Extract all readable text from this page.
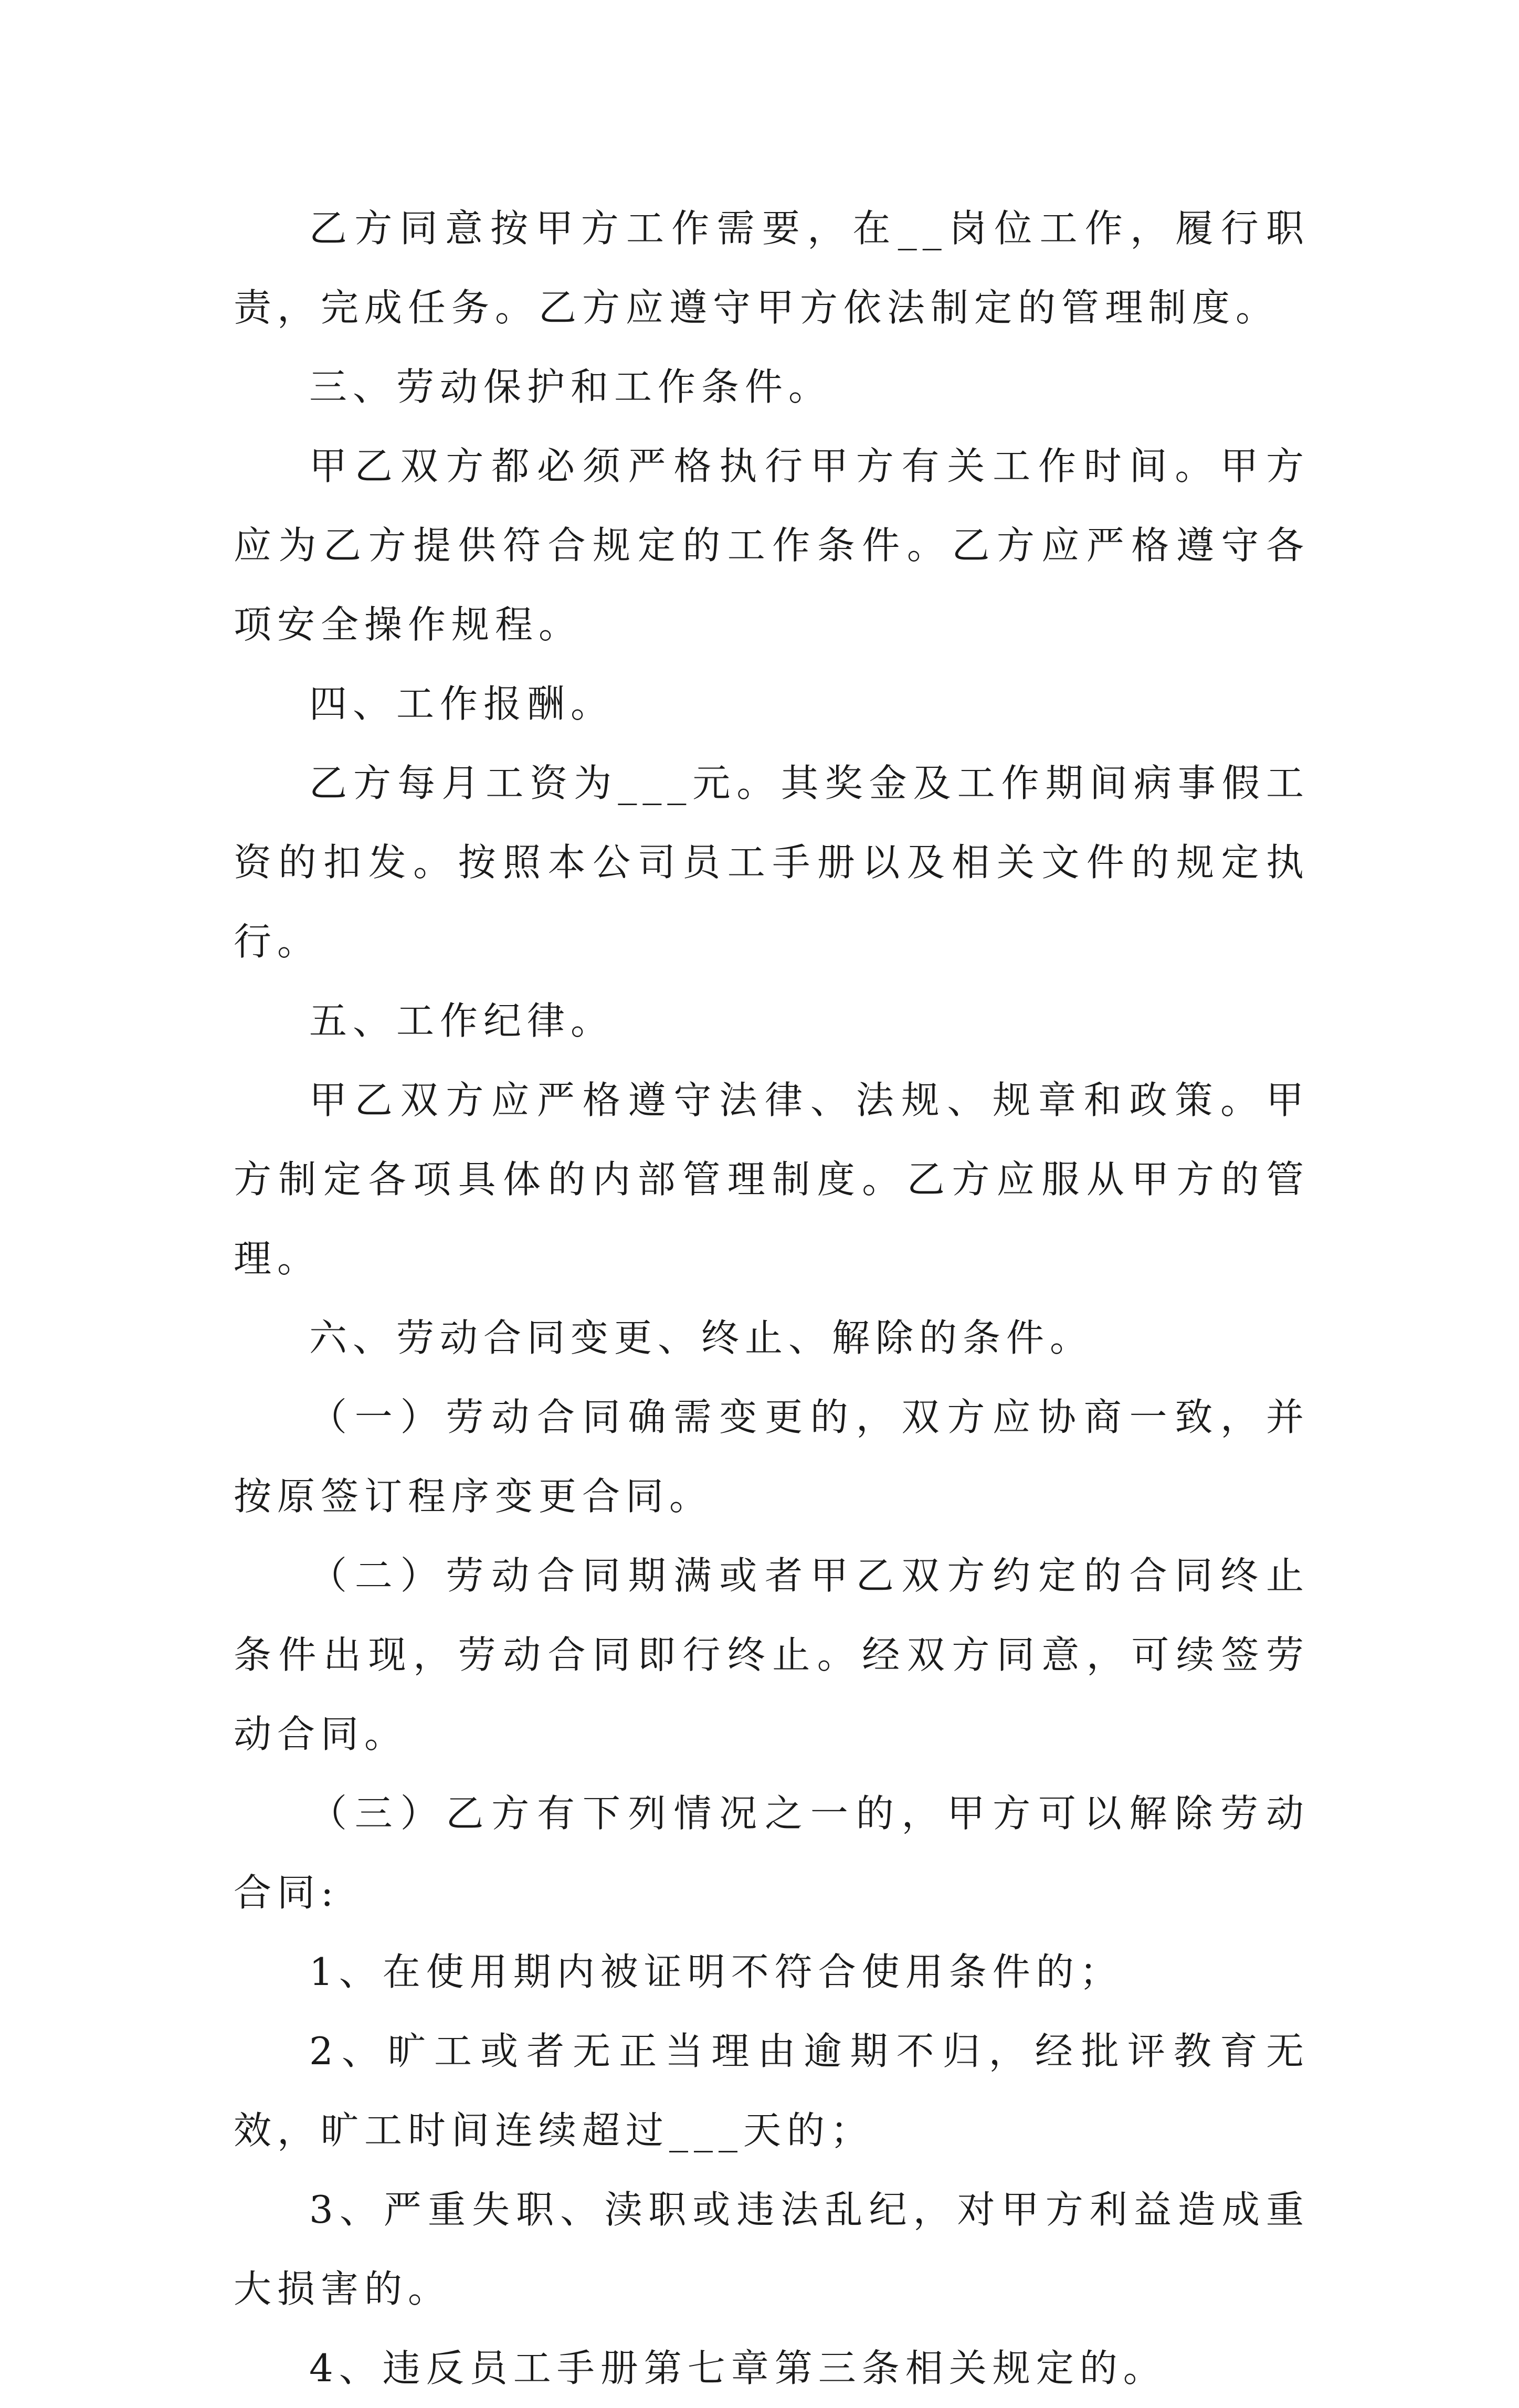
乙方同意按甲方工作需要，在__岗位工作，履行职责，完成任务。乙方应遵守甲方依法制定的管理制度。

三、劳动保护和工作条件。

甲乙双方都必须严格执行甲方有关工作时间。甲方应为乙方提供符合规定的工作条件。乙方应严格遵守各项安全操作规程。

四、工作报酬。

乙方每月工资为___元。其奖金及工作期间病事假工资的扣发。按照本公司员工手册以及相关文件的规定执行。

五、工作纪律。

甲乙双方应严格遵守法律、法规、规章和政策。甲方制定各项具体的内部管理制度。乙方应服从甲方的管理。

六、劳动合同变更、终止、解除的条件。

（一）劳动合同确需变更的，双方应协商一致，并按原签订程序变更合同。

（二）劳动合同期满或者甲乙双方约定的合同终止条件出现，劳动合同即行终止。经双方同意，可续签劳动合同。

（三）乙方有下列情况之一的，甲方可以解除劳动合同:

1、在使用期内被证明不符合使用条件的；

2、旷工或者无正当理由逾期不归，经批评教育无效，旷工时间连续超过___天的；

3、严重失职、渎职或违法乱纪，对甲方利益造成重大损害的。

4、违反员工手册第七章第三条相关规定的。
